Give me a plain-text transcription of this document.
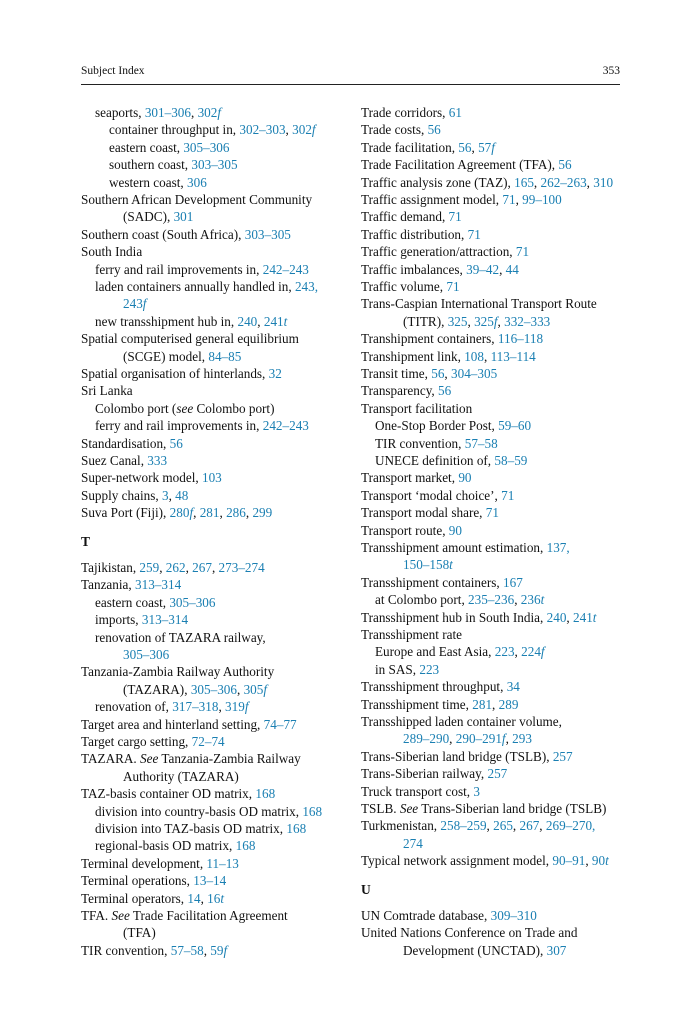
Subject Index	353
seaports, 301–306, 302f
container throughput in, 302–303, 302f
eastern coast, 305–306
southern coast, 303–305
western coast, 306
Southern African Development Community
(SADC), 301
Southern coast (South Africa), 303–305
South India
ferry and rail improvements in, 242–243
laden containers annually handled in, 243,
243f
new transshipment hub in, 240, 241t
Spatial computerised general equilibrium
(SCGE) model, 84–85
Spatial organisation of hinterlands, 32
Sri Lanka
Colombo port (see Colombo port)
ferry and rail improvements in, 242–243
Standardisation, 56
Suez Canal, 333
Super-network model, 103
Supply chains, 3, 48
Suva Port (Fiji), 280f, 281, 286, 299
T
Tajikistan, 259, 262, 267, 273–274
Tanzania, 313–314
eastern coast, 305–306
imports, 313–314
renovation of TAZARA railway,
305–306
Tanzania-Zambia Railway Authority
(TAZARA), 305–306, 305f
renovation of, 317–318, 319f
Target area and hinterland setting, 74–77
Target cargo setting, 72–74
TAZARA. See Tanzania-Zambia Railway
Authority (TAZARA)
TAZ-basis container OD matrix, 168
division into country-basis OD matrix, 168
division into TAZ-basis OD matrix, 168
regional-basis OD matrix, 168
Terminal development, 11–13
Terminal operations, 13–14
Terminal operators, 14, 16t
TFA. See Trade Facilitation Agreement
(TFA)
TIR convention, 57–58, 59f
Trade corridors, 61
Trade costs, 56
Trade facilitation, 56, 57f
Trade Facilitation Agreement (TFA), 56
Traffic analysis zone (TAZ), 165, 262–263, 310
Traffic assignment model, 71, 99–100
Traffic demand, 71
Traffic distribution, 71
Traffic generation/attraction, 71
Traffic imbalances, 39–42, 44
Traffic volume, 71
Trans-Caspian International Transport Route
(TITR), 325, 325f, 332–333
Transhipment containers, 116–118
Transhipment link, 108, 113–114
Transit time, 56, 304–305
Transparency, 56
Transport facilitation
One-Stop Border Post, 59–60
TIR convention, 57–58
UNECE definition of, 58–59
Transport market, 90
Transport ‘modal choice’, 71
Transport modal share, 71
Transport route, 90
Transshipment amount estimation, 137,
150–158t
Transshipment containers, 167
at Colombo port, 235–236, 236t
Transshipment hub in South India, 240, 241t
Transshipment rate
Europe and East Asia, 223, 224f
in SAS, 223
Transshipment throughput, 34
Transshipment time, 281, 289
Transshipped laden container volume,
289–290, 290–291f, 293
Trans-Siberian land bridge (TSLB), 257
Trans-Siberian railway, 257
Truck transport cost, 3
TSLB. See Trans-Siberian land bridge (TSLB)
Turkmenistan, 258–259, 265, 267, 269–270,
274
Typical network assignment model, 90–91, 90t
U
UN Comtrade database, 309–310
United Nations Conference on Trade and
Development (UNCTAD), 307
